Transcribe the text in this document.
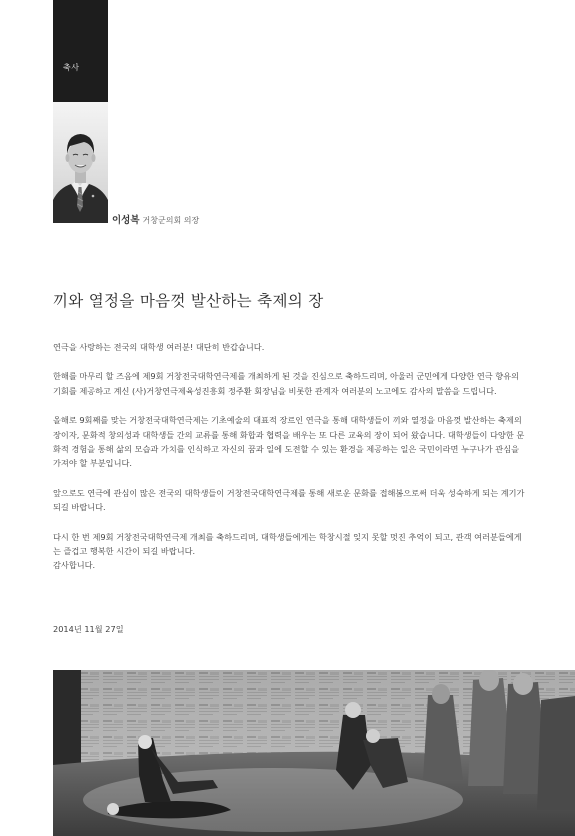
축사
이성복 거창군의회 의장
끼와 열정을 마음껏 발산하는 축제의 장

연극을 사랑하는 전국의 대학생 여러분! 대단히 반갑습니다.

한해를 마무리 할 즈음에 제9회 거창전국대학연극제를 개최하게 된 것을 진심으로 축하드리며, 아울러 군민에게 다양한 연극 향유의 기회를 제공하고 계신 (사)거창연극제육성진흥회 정주환 회장님을 비롯한 관계자 여러분의 노고에도 감사의 말씀을 드립니다.

올해로 9회째를 맞는 거창전국대학연극제는 기초예술의 대표적 장르인 연극을 통해 대학생들이 끼와 열정을 마음껏 발산하는 축제의 장이자, 문화적 창의성과 대학생들 간의 교류를 통해 화합과 협력을 배우는 또 다른 교육의 장이 되어 왔습니다. 대학생들이 다양한 문화적 경험을 통해 삶의 모습과 가치를 인식하고 자신의 꿈과 일에 도전할 수 있는 환경을 제공하는 일은 국민이라면 누구나가 관심을 가져야 할 부분입니다.

앞으로도 연극에 관심이 많은 전국의 대학생들이 거창전국대학연극제를 통해 새로운 문화를 접해봄으로써 더욱 성숙하게 되는 계기가 되길 바랍니다.

다시 한 번 제9회 거창전국대학연극제 개최를 축하드리며, 대학생들에게는 학창시절 잊지 못할 멋진 추억이 되고, 관객 여러분들에게는 즐겁고 행복한 시간이 되길 바랍니다.

감사합니다.

2014년 11월 27일
